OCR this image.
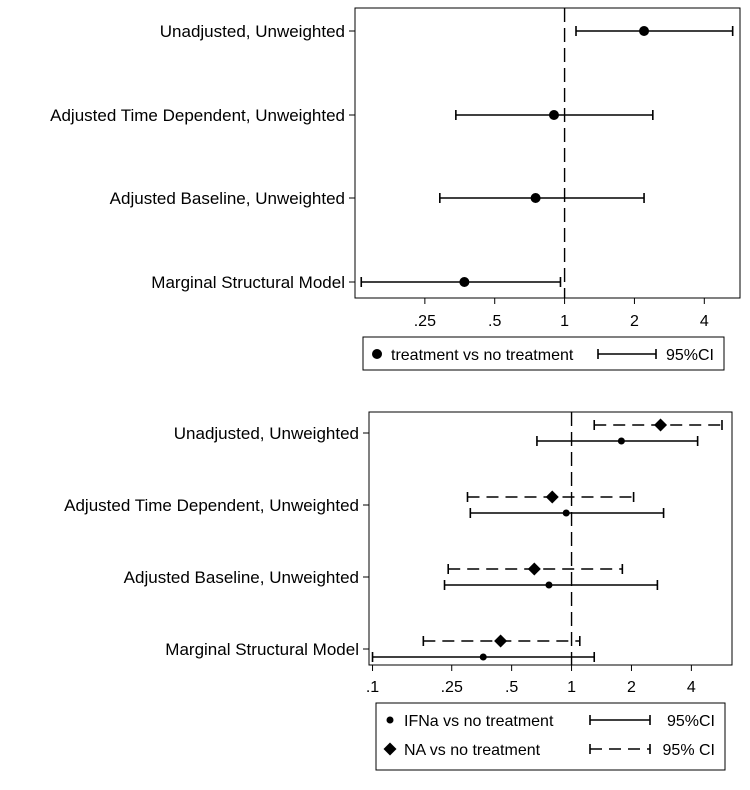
.25	.5	1	2	4
Unadjusted, Unweighted
Adjusted Time Dependent, Unweighted
Adjusted Baseline, Unweighted
Marginal Structural Model
treatment vs no treatment	95%CI
.1	.25	.5	1	2	4
Unadjusted, Unweighted
Adjusted Time Dependent, Unweighted
Adjusted Baseline, Unweighted
Marginal Structural Model
IFNa vs no treatment	95%CI
NA vs no treatment	95% CI
